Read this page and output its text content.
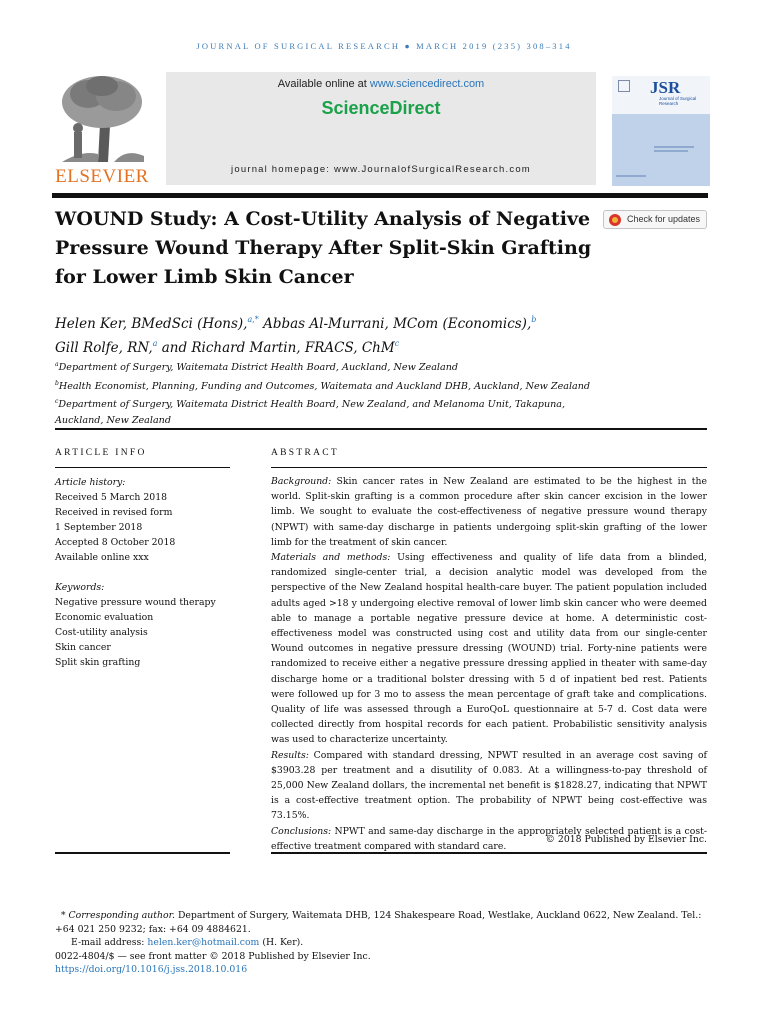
JOURNAL OF SURGICAL RESEARCH ● MARCH 2019 (235) 308–314
ELSEVIER
Available online at www.sciencedirect.com
ScienceDirect
journal homepage: www.JournalofSurgicalResearch.com
JSR
Journal of Surgical Research
WOUND Study: A Cost-Utility Analysis of Negative Pressure Wound Therapy After Split-Skin Grafting for Lower Limb Skin Cancer
Check for updates
Helen Ker, BMedSci (Hons),$^{a,*}$ Abbas Al-Murrani, MCom (Economics),$^b$
Gill Rolfe, RN,$^a$ and Richard Martin, FRACS, ChM$^c$
$^a$Department of Surgery, Waitemata District Health Board, Auckland, New Zealand
$^b$Health Economist, Planning, Funding and Outcomes, Waitemata and Auckland DHB, Auckland, New Zealand
$^c$Department of Surgery, Waitemata District Health Board, New Zealand, and Melanoma Unit, Takapuna,
Auckland, New Zealand
ARTICLE INFO	ABSTRACT
Article history:
Received 5 March 2018
Received in revised form
1 September 2018
Accepted 8 October 2018
Available online xxx
Keywords:
Negative pressure wound therapy
Economic evaluation
Cost-utility analysis
Skin cancer
Split skin grafting

Background: Skin cancer rates in New Zealand are estimated to be the highest in the world. Split-skin grafting is a common procedure after skin cancer excision in the lower limb. We sought to evaluate the cost-effectiveness of negative pressure wound therapy (NPWT) with same-day discharge in patients undergoing split-skin grafting of the lower limb for the treatment of skin cancer.

Materials and methods: Using effectiveness and quality of life data from a blinded, randomized single-center trial, a decision analytic model was developed from the perspective of the New Zealand hospital health-care buyer. The patient population included adults aged >18 y undergoing elective removal of lower limb skin cancer who were deemed able to manage a portable negative pressure device at home. A deterministic cost-effectiveness model was constructed using cost and utility data from our single-center Wound outcomes in negative pressure dressing (WOUND) trial. Forty-nine patients were randomized to receive either a negative pressure dressing applied in theater with same-day discharge home or a traditional bolster dressing with 5 d of inpatient bed rest. Patients were followed up for 3 mo to assess the mean percentage of graft take and complications. Quality of life was assessed through a EuroQoL questionnaire at 5-7 d. Cost data were collected directly from hospital records for each patient. Probabilistic sensitivity analysis was used to characterize uncertainty.

Results: Compared with standard dressing, NPWT resulted in an average cost saving of $3903.28 per treatment and a disutility of 0.083. At a willingness-to-pay threshold of 25,000 New Zealand dollars, the incremental net benefit is $1828.27, indicating that NPWT is a cost-effective treatment option. The probability of NPWT being cost-effective was 73.15%.

Conclusions: NPWT and same-day discharge in the appropriately selected patient is a cost-effective treatment compared with standard care.

© 2018 Published by Elsevier Inc.
* Corresponding author. Department of Surgery, Waitemata DHB, 124 Shakespeare Road, Westlake, Auckland 0622, New Zealand. Tel.: +64 021 250 9232; fax: +64 09 4884621.
E-mail address: helen.ker@hotmail.com (H. Ker).
0022-4804/$ — see front matter © 2018 Published by Elsevier Inc.
https://doi.org/10.1016/j.jss.2018.10.016
